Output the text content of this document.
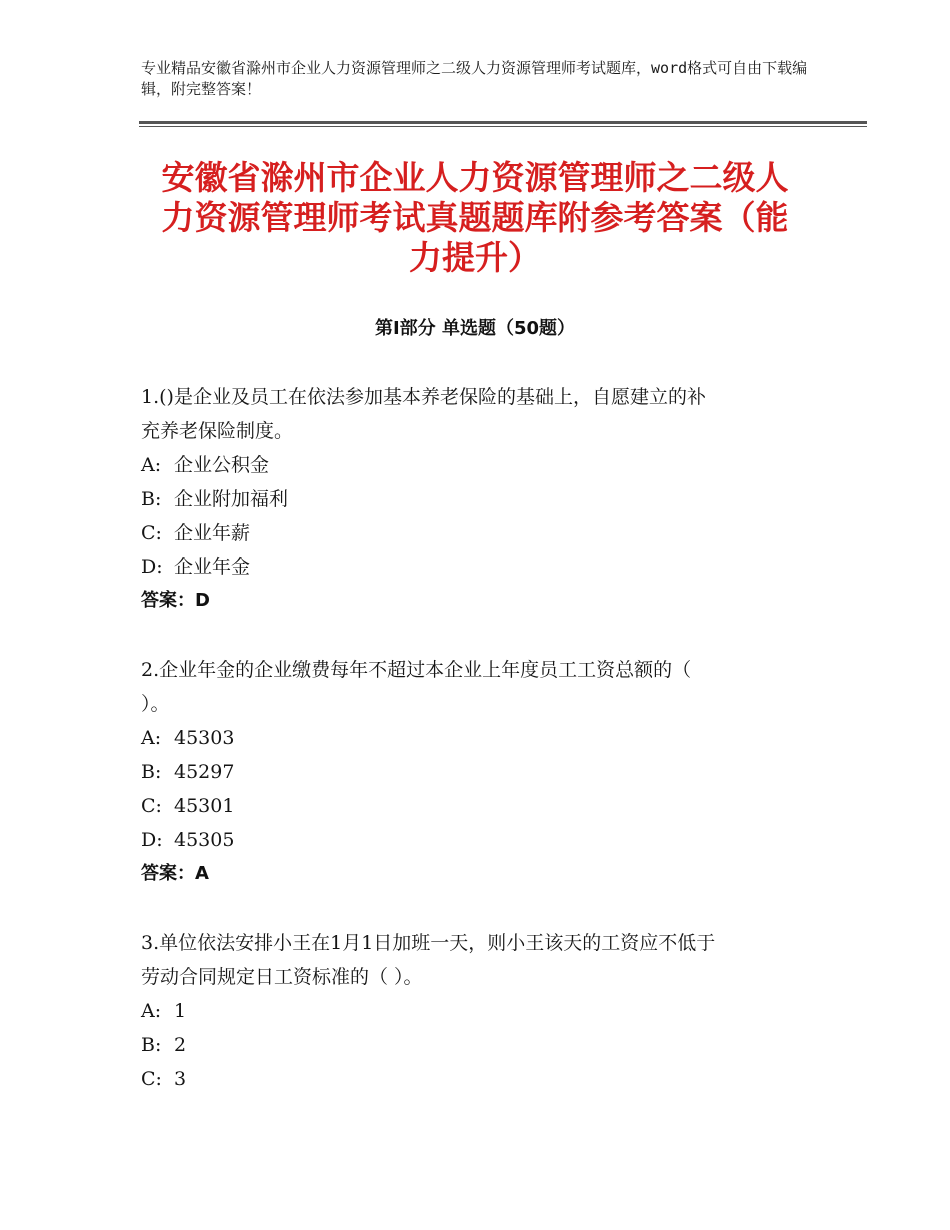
专业精品安徽省滁州市企业人力资源管理师之二级人力资源管理师考试题库，word格式可自由下载编辑，附完整答案！
安徽省滁州市企业人力资源管理师之二级人
力资源管理师考试真题题库附参考答案（能
力提升）
第Ⅰ部分 单选题（50题）

1.()是企业及员工在依法参加基本养老保险的基础上，自愿建立的补
充养老保险制度。

A: 企业公积金

B: 企业附加福利

C: 企业年薪

D: 企业年金

答案：D

2.企业年金的企业缴费每年不超过本企业上年度员工工资总额的（
）。

A: 45303

B: 45297

C: 45301

D: 45305

答案：A

3.单位依法安排小王在1月1日加班一天，则小王该天的工资应不低于
劳动合同规定日工资标准的（ ）。

A: 1

B: 2

C: 3
